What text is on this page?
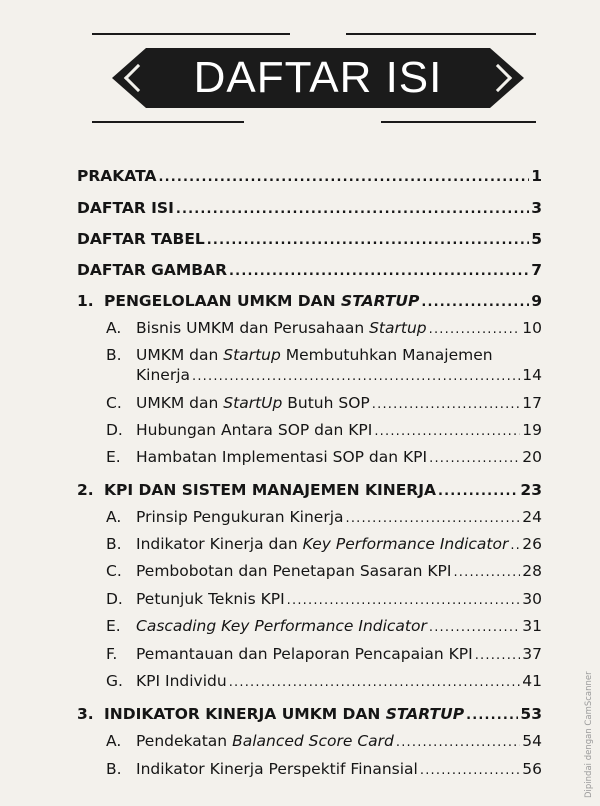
DAFTAR ISI
PRAKATA .....	1
DAFTAR ISI .....	3
DAFTAR TABEL .....	5
DAFTAR GAMBAR .....	7
1. PENGELOLAAN UMKM DAN STARTUP .....	9
A. Bisnis UMKM dan Perusahaan Startup .....	10
B. UMKM dan Startup Membutuhkan Manajemen
Kinerja .....	14
C. UMKM dan StartUp Butuh SOP .....	17
D. Hubungan Antara SOP dan KPI .....	19
E. Hambatan Implementasi SOP dan KPI .....	20
2. KPI DAN SISTEM MANAJEMEN KINERJA .....	23
A. Prinsip Pengukuran Kinerja .....	24
B. Indikator Kinerja dan Key Performance Indicator ..... 26
C. Pembobotan dan Penetapan Sasaran KPI .....	28
D. Petunjuk Teknis KPI .....	30
E. Cascading Key Performance Indicator .....	31
F. Pemantauan dan Pelaporan Pencapaian KPI .....	37
G. KPI Individu .....	41
3. INDIKATOR KINERJA UMKM DAN STARTUP .....	53
A. Pendekatan Balanced Score Card .....	54
B. Indikator Kinerja Perspektif Finansial .....	56	Dipindai dengan CamScanner
